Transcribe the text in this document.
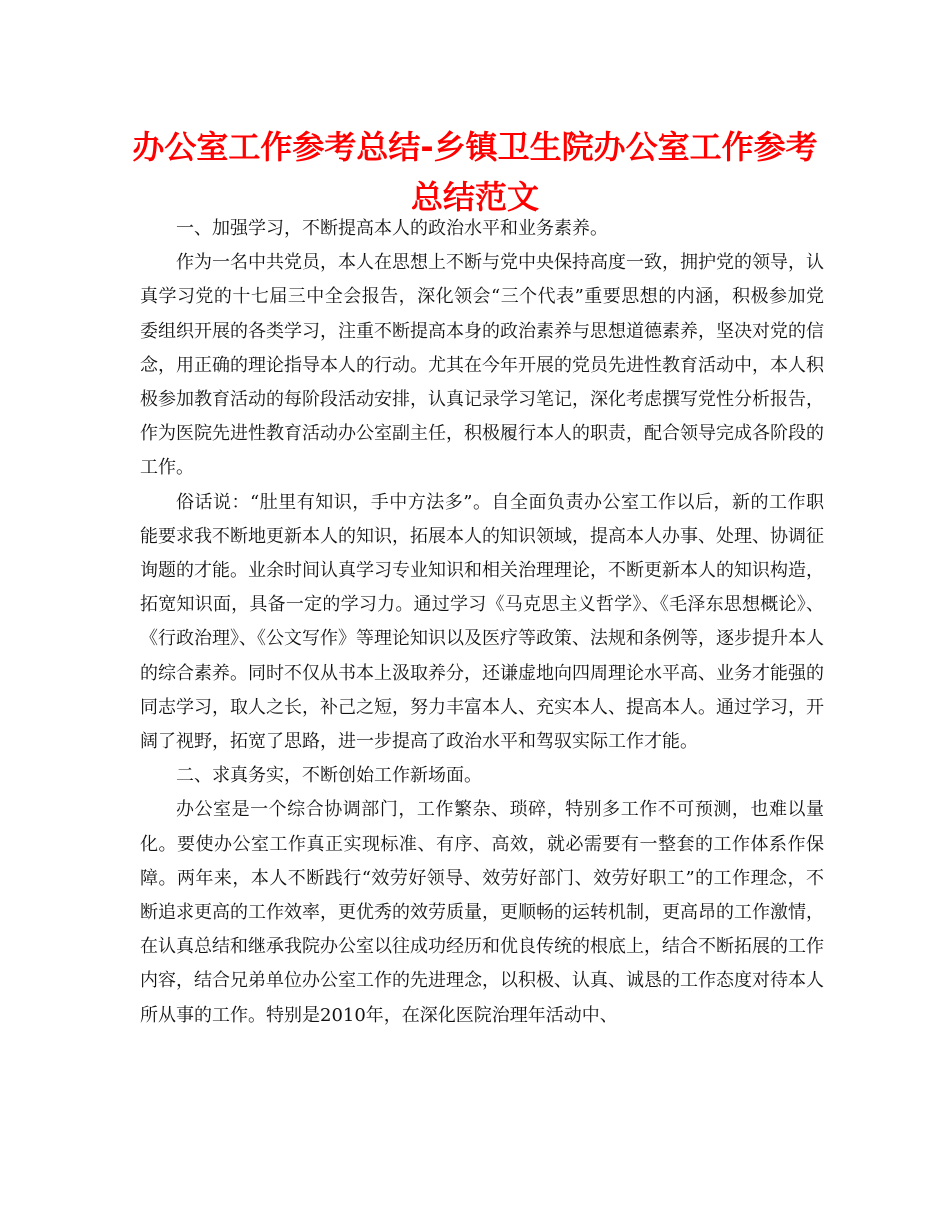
办公室工作参考总结-乡镇卫生院办公室工作参考总结范文

一、加强学习，不断提高本人的政治水平和业务素养。

作为一名中共党员，本人在思想上不断与党中央保持高度一致，拥护党的领导，认真学习党的十七届三中全会报告，深化领会“三个代表”重要思想的内涵，积极参加党委组织开展的各类学习，注重不断提高本身的政治素养与思想道德素养，坚决对党的信念，用正确的理论指导本人的行动。尤其在今年开展的党员先进性教育活动中，本人积极参加教育活动的每阶段活动安排，认真记录学习笔记，深化考虑撰写党性分析报告，作为医院先进性教育活动办公室副主任，积极履行本人的职责，配合领导完成各阶段的工作。

俗话说：“肚里有知识，手中方法多”。自全面负责办公室工作以后，新的工作职能要求我不断地更新本人的知识，拓展本人的知识领域，提高本人办事、处理、协调征询题的才能。业余时间认真学习专业知识和相关治理理论，不断更新本人的知识构造，拓宽知识面，具备一定的学习力。通过学习《马克思主义哲学》、《毛泽东思想概论》、《行政治理》、《公文写作》等理论知识以及医疗等政策、法规和条例等，逐步提升本人的综合素养。同时不仅从书本上汲取养分，还谦虚地向四周理论水平高、业务才能强的同志学习，取人之长，补己之短，努力丰富本人、充实本人、提高本人。通过学习，开阔了视野，拓宽了思路，进一步提高了政治水平和驾驭实际工作才能。

二、求真务实，不断创始工作新场面。

办公室是一个综合协调部门，工作繁杂、琐碎，特别多工作不可预测，也难以量化。要使办公室工作真正实现标准、有序、高效，就必需要有一整套的工作体系作保障。两年来，本人不断践行“效劳好领导、效劳好部门、效劳好职工”的工作理念，不断追求更高的工作效率，更优秀的效劳质量，更顺畅的运转机制，更高昂的工作激情，在认真总结和继承我院办公室以往成功经历和优良传统的根底上，结合不断拓展的工作内容，结合兄弟单位办公室工作的先进理念，以积极、认真、诚恳的工作态度对待本人所从事的工作。特别是2010年，在深化医院治理年活动中、
